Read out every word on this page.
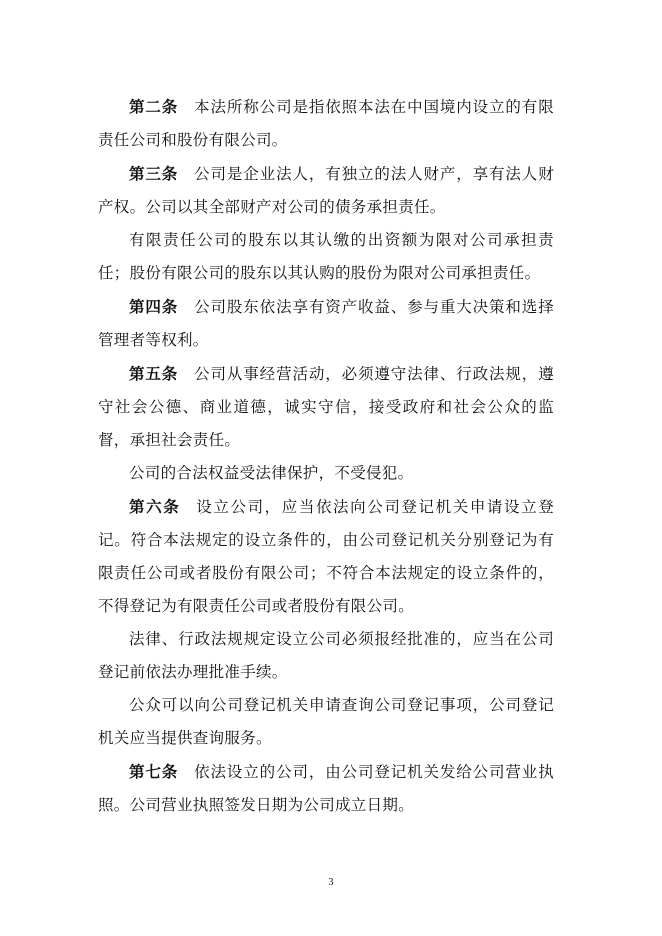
第二条 本法所称公司是指依照本法在中国境内设立的有限责任公司和股份有限公司。

第三条 公司是企业法人，有独立的法人财产，享有法人财产权。公司以其全部财产对公司的债务承担责任。

有限责任公司的股东以其认缴的出资额为限对公司承担责任；股份有限公司的股东以其认购的股份为限对公司承担责任。

第四条 公司股东依法享有资产收益、参与重大决策和选择管理者等权利。

第五条 公司从事经营活动，必须遵守法律、行政法规，遵守社会公德、商业道德，诚实守信，接受政府和社会公众的监督，承担社会责任。

公司的合法权益受法律保护，不受侵犯。

第六条 设立公司，应当依法向公司登记机关申请设立登记。符合本法规定的设立条件的，由公司登记机关分别登记为有限责任公司或者股份有限公司；不符合本法规定的设立条件的，不得登记为有限责任公司或者股份有限公司。

法律、行政法规规定设立公司必须报经批准的，应当在公司登记前依法办理批准手续。

公众可以向公司登记机关申请查询公司登记事项，公司登记机关应当提供查询服务。

第七条 依法设立的公司，由公司登记机关发给公司营业执照。公司营业执照签发日期为公司成立日期。

3
